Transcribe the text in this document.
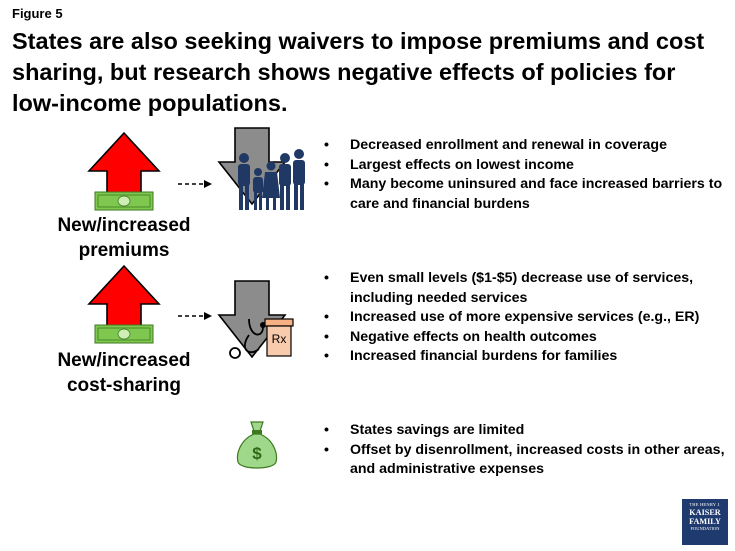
Figure 5
States are also seeking waivers to impose premiums and cost sharing, but research shows negative effects of policies for low-income populations.
New/increased
premiums
• Decreased enrollment and renewal in coverage
• Largest effects on lowest income
• Many become uninsured and face increased barriers to care and financial burdens
Rx
New/increased
cost-sharing
• Even small levels ($1-$5) decrease use of services, including needed services
• Increased use of more expensive services (e.g., ER)
• Negative effects on health outcomes
• Increased financial burdens for families
$
• States savings are limited
• Offset by disenrollment, increased costs in other areas, and administrative expenses
THE HENRY J.
KAISER
FAMILY
FOUNDATION
